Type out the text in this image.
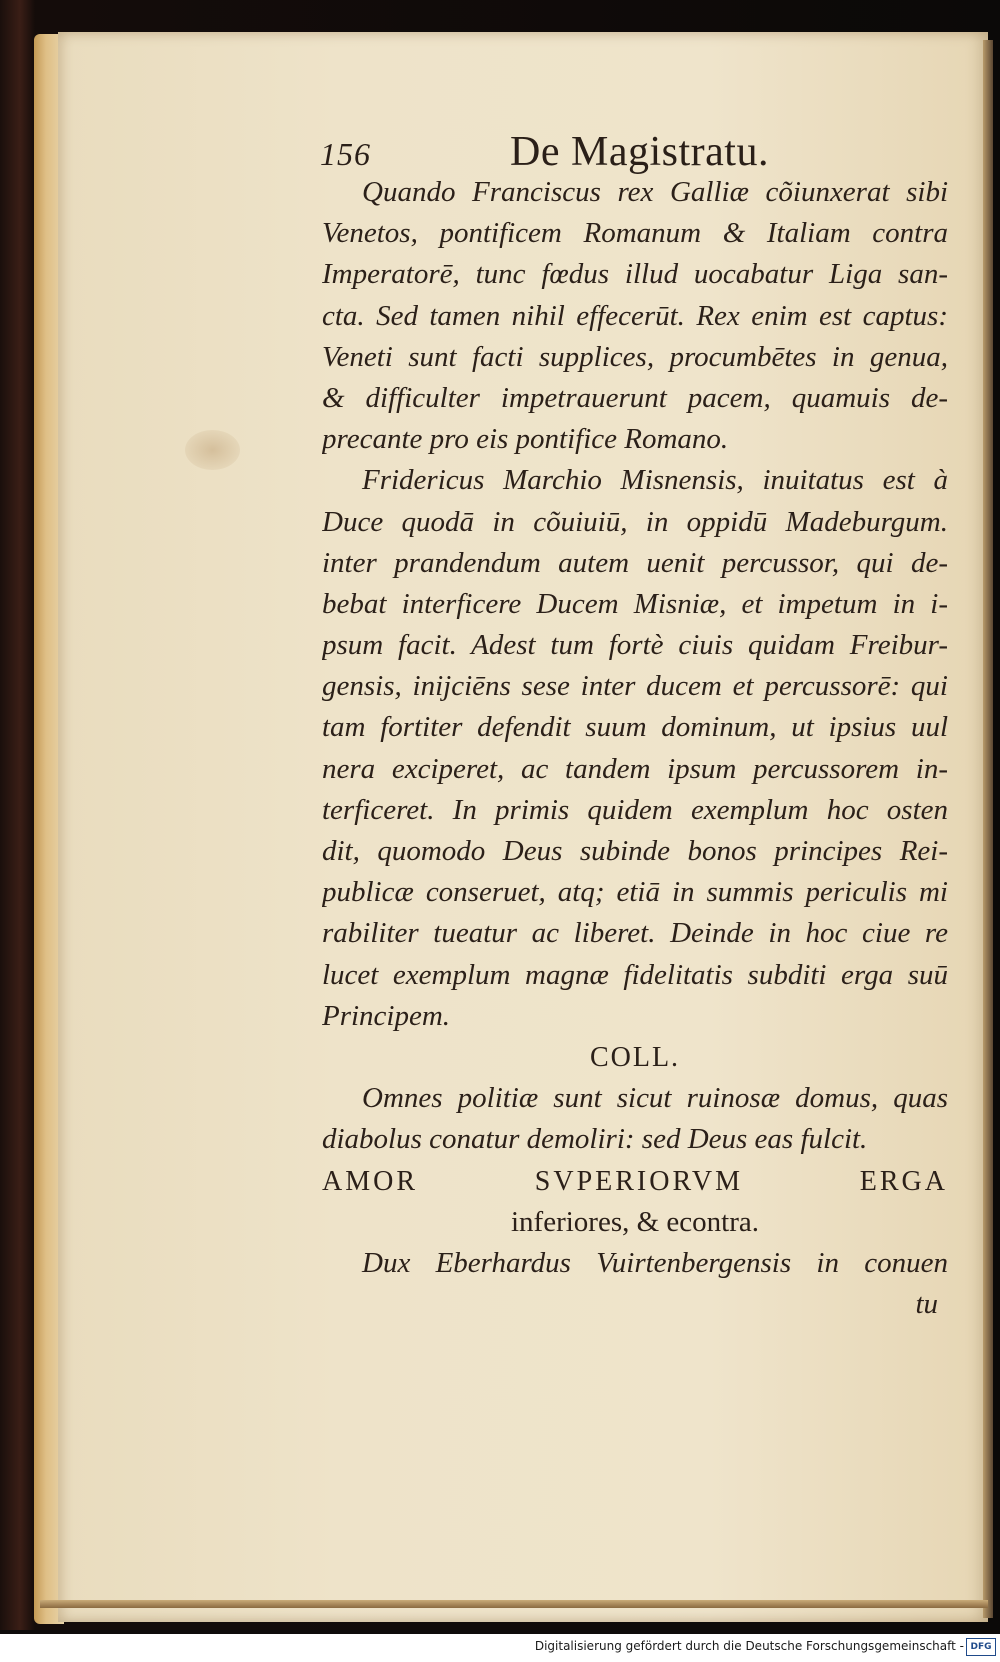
156	De Magistratu.
Quando Franciscus rex Galliæ cõiunxerat sibi
Venetos, pontificem Romanum & Italiam contra
Imperatorē, tunc fœdus illud uocabatur Liga san-
cta. Sed tamen nihil effecerūt. Rex enim est captus:
Veneti sunt facti supplices, procumbētes in genua,
& difficulter impetrauerunt pacem, quamuis de-
precante pro eis pontifice Romano.
Fridericus Marchio Misnensis, inuitatus est à
Duce quodā in cõuiuiū, in oppidū Madeburgum.
inter prandendum autem uenit percussor, qui de-
bebat interficere Ducem Misniæ, et impetum in i-
psum facit. Adest tum fortè ciuis quidam Freibur-
gensis, inijciēns sese inter ducem et percussorē: qui
tam fortiter defendit suum dominum, ut ipsius uul
nera exciperet, ac tandem ipsum percussorem in-
terficeret. In primis quidem exemplum hoc osten
dit, quomodo Deus subinde bonos principes Rei-
publicæ conseruet, atq; etiā in summis periculis mi
rabiliter tueatur ac liberet. Deinde in hoc ciue re
lucet exemplum magnæ fidelitatis subditi erga suū
Principem.
COLL.
Omnes politiæ sunt sicut ruinosæ domus, quas
diabolus conatur demoliri: sed Deus eas fulcit.
AMOR SVPERIORVM ERGA
inferiores, & econtra.
Dux Eberhardus Vuirtenbergensis in conuen
tu
Digitalisierung gefördert durch die Deutsche Forschungsgemeinschaft - DFG
